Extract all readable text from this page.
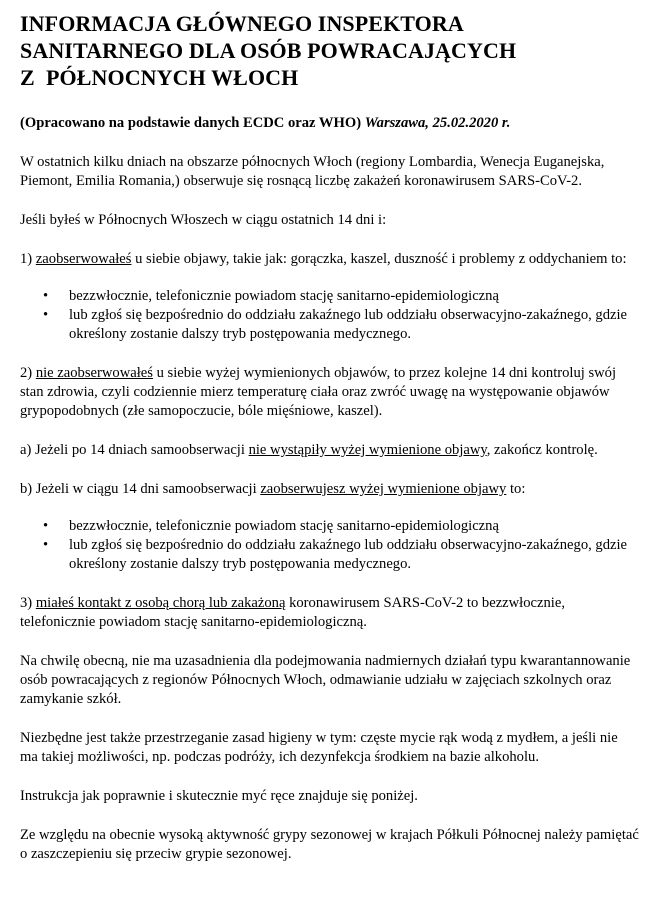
INFORMACJA GŁÓWNEGO INSPEKTORA
SANITARNEGO DLA OSÓB POWRACAJĄCYCH
Z  PÓŁNOCNYCH WŁOCH

(Opracowano na podstawie danych ECDC oraz WHO) Warszawa, 25.02.2020 r.

W ostatnich kilku dniach na obszarze północnych Włoch (regiony Lombardia, Wenecja Euganejska, Piemont, Emilia Romania,) obserwuje się rosnącą liczbę zakażeń koronawirusem SARS-CoV-2.

Jeśli byłeś w Północnych Włoszech w ciągu ostatnich 14 dni i:

1) zaobserwowałeś u siebie objawy, takie jak: gorączka, kaszel, duszność i problemy z oddychaniem to:

• bezzwłocznie, telefonicznie powiadom stację sanitarno-epidemiologiczną
• lub zgłoś się bezpośrednio do oddziału zakaźnego lub oddziału obserwacyjno-zakaźnego, gdzie określony zostanie dalszy tryb postępowania medycznego.

2) nie zaobserwowałeś u siebie wyżej wymienionych objawów, to przez kolejne 14 dni kontroluj swój stan zdrowia, czyli codziennie mierz temperaturę ciała oraz zwróć uwagę na występowanie objawów grypopodobnych (złe samopoczucie, bóle mięśniowe, kaszel).

a) Jeżeli po 14 dniach samoobserwacji nie wystąpiły wyżej wymienione objawy, zakończ kontrolę.

b) Jeżeli w ciągu 14 dni samoobserwacji zaobserwujesz wyżej wymienione objawy to:

• bezzwłocznie, telefonicznie powiadom stację sanitarno-epidemiologiczną
• lub zgłoś się bezpośrednio do oddziału zakaźnego lub oddziału obserwacyjno-zakaźnego, gdzie określony zostanie dalszy tryb postępowania medycznego.

3) miałeś kontakt z osobą chorą lub zakażoną koronawirusem SARS-CoV-2 to bezzwłocznie, telefonicznie powiadom stację sanitarno-epidemiologiczną.

Na chwilę obecną, nie ma uzasadnienia dla podejmowania nadmiernych działań typu kwarantannowanie osób powracających z regionów Północnych Włoch, odmawianie udziału w zajęciach szkolnych oraz zamykanie szkół.

Niezbędne jest także przestrzeganie zasad higieny w tym: częste mycie rąk wodą z mydłem, a jeśli nie ma takiej możliwości, np. podczas podróży, ich dezynfekcja środkiem na bazie alkoholu.

Instrukcja jak poprawnie i skutecznie myć ręce znajduje się poniżej.

Ze względu na obecnie wysoką aktywność grypy sezonowej w krajach Półkuli Północnej należy pamiętać o zaszczepieniu się przeciw grypie sezonowej.
